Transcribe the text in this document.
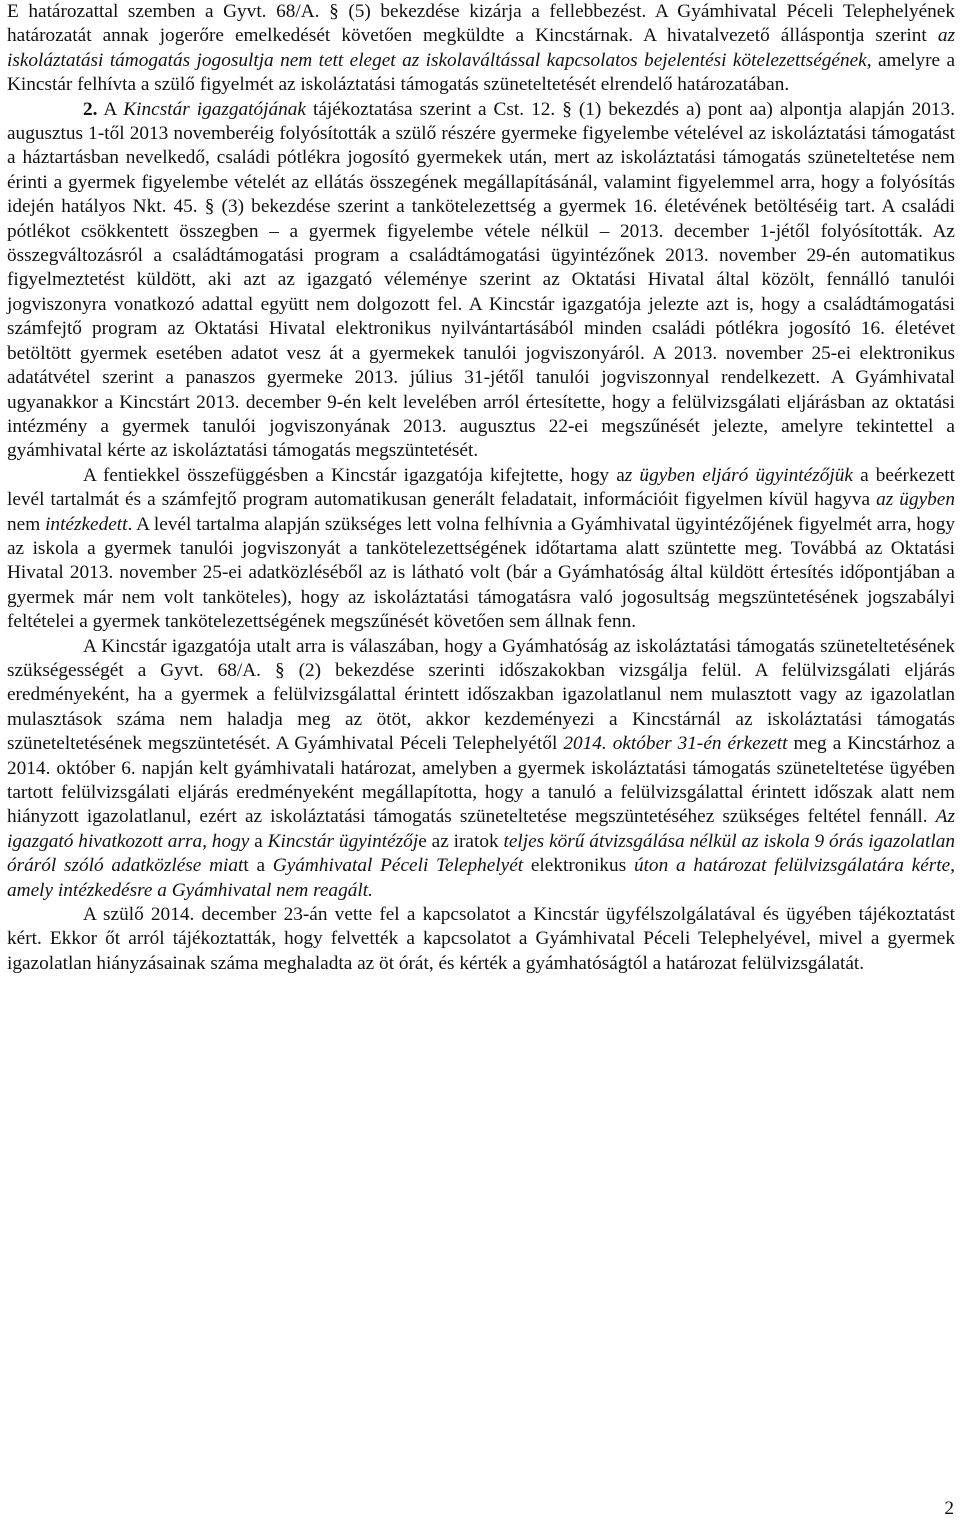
E határozattal szemben a Gyvt. 68/A. § (5) bekezdése kizárja a fellebbezést. A Gyámhivatal Péceli Telephelyének határozatát annak jogerőre emelkedését követően megküldte a Kincstárnak. A hivatalvezető álláspontja szerint az iskoláztatási támogatás jogosultja nem tett eleget az iskolaváltással kapcsolatos bejelentési kötelezettségének, amelyre a Kincstár felhívta a szülő figyelmét az iskoláztatási támogatás szüneteltetését elrendelő határozatában.

2. A Kincstár igazgatójának tájékoztatása szerint a Cst. 12. § (1) bekezdés a) pont aa) alpontja alapján 2013. augusztus 1-től 2013 novemberéig folyósították a szülő részére gyermeke figyelembe vételével az iskoláztatási támogatást a háztartásban nevelkedő, családi pótlékra jogosító gyermekek után, mert az iskoláztatási támogatás szüneteltetése nem érinti a gyermek figyelembe vételét az ellátás összegének megállapításánál, valamint figyelemmel arra, hogy a folyósítás idején hatályos Nkt. 45. § (3) bekezdése szerint a tankötelezettség a gyermek 16. életévének betöltéséig tart. A családi pótlékot csökkentett összegben – a gyermek figyelembe vétele nélkül – 2013. december 1-jétől folyósították. Az összegváltozásról a családtámogatási program a családtámogatási ügyintézőnek 2013. november 29-én automatikus figyelmeztetést küldött, aki azt az igazgató véleménye szerint az Oktatási Hivatal által közölt, fennálló tanulói jogviszonyra vonatkozó adattal együtt nem dolgozott fel. A Kincstár igazgatója jelezte azt is, hogy a családtámogatási számfejtő program az Oktatási Hivatal elektronikus nyilvántartásából minden családi pótlékra jogosító 16. életévet betöltött gyermek esetében adatot vesz át a gyermekek tanulói jogviszonyáról. A 2013. november 25-ei elektronikus adatátvétel szerint a panaszos gyermeke 2013. július 31-jétől tanulói jogviszonnyal rendelkezett. A Gyámhivatal ugyanakkor a Kincstárt 2013. december 9-én kelt levelében arról értesítette, hogy a felülvizsgálati eljárásban az oktatási intézmény a gyermek tanulói jogviszonyának 2013. augusztus 22-ei megszűnését jelezte, amelyre tekintettel a gyámhivatal kérte az iskoláztatási támogatás megszüntetését.

A fentiekkel összefüggésben a Kincstár igazgatója kifejtette, hogy az ügyben eljáró ügyintézőjük a beérkezett levél tartalmát és a számfejtő program automatikusan generált feladatait, információit figyelmen kívül hagyva az ügyben nem intézkedett. A levél tartalma alapján szükséges lett volna felhívnia a Gyámhivatal ügyintézőjének figyelmét arra, hogy az iskola a gyermek tanulói jogviszonyát a tankötelezettségének időtartama alatt szüntette meg. Továbbá az Oktatási Hivatal 2013. november 25-ei adatközléséből az is látható volt (bár a Gyámhatóság által küldött értesítés időpontjában a gyermek már nem volt tanköteles), hogy az iskoláztatási támogatásra való jogosultság megszüntetésének jogszabályi feltételei a gyermek tankötelezettségének megszűnését követően sem állnak fenn.

A Kincstár igazgatója utalt arra is válaszában, hogy a Gyámhatóság az iskoláztatási támogatás szüneteltetésének szükségességét a Gyvt. 68/A. § (2) bekezdése szerinti időszakokban vizsgálja felül. A felülvizsgálati eljárás eredményeként, ha a gyermek a felülvizsgálattal érintett időszakban igazolatlanul nem mulasztott vagy az igazolatlan mulasztások száma nem haladja meg az ötöt, akkor kezdeményezi a Kincstárnál az iskoláztatási támogatás szüneteltetésének megszüntetését. A Gyámhivatal Péceli Telephelyétől 2014. október 31-én érkezett meg a Kincstárhoz a 2014. október 6. napján kelt gyámhivatali határozat, amelyben a gyermek iskoláztatási támogatás szüneteltetése ügyében tartott felülvizsgálati eljárás eredményeként megállapította, hogy a tanuló a felülvizsgálattal érintett időszak alatt nem hiányzott igazolatlanul, ezért az iskoláztatási támogatás szüneteltetése megszüntetéséhez szükséges feltétel fennáll. Az igazgató hivatkozott arra, hogy a Kincstár ügyintézője az iratok teljes körű átvizsgálása nélkül az iskola 9 órás igazolatlan óráról szóló adatközlése miatt a Gyámhivatal Péceli Telephelyét elektronikus úton a határozat felülvizsgálatára kérte, amely intézkedésre a Gyámhivatal nem reagált.

A szülő 2014. december 23-án vette fel a kapcsolatot a Kincstár ügyfélszolgálatával és ügyében tájékoztatást kért. Ekkor őt arról tájékoztatták, hogy felvették a kapcsolatot a Gyámhivatal Péceli Telephelyével, mivel a gyermek igazolatlan hiányzásainak száma meghaladta az öt órát, és kérték a gyámhatóságtól a határozat felülvizsgálatát.

2
